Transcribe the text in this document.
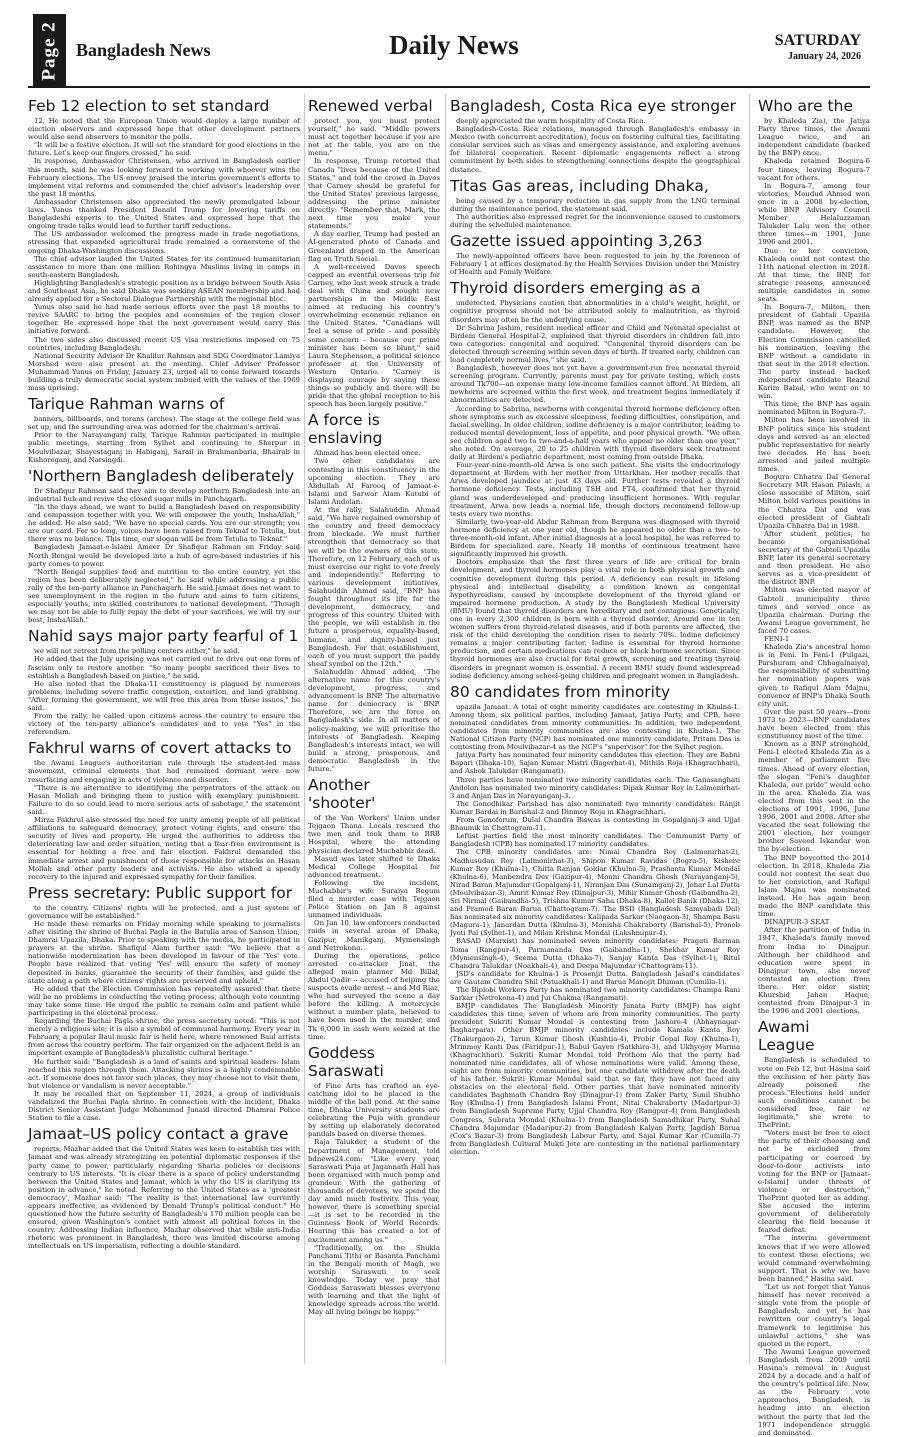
Page 2 Bangladesh News	Daily News	SATURDAY
January 24, 2026
Feb 12 election to set standard

12. He noted that the European Union would deploy a large number of election observers and expressed hope that other development partners would also send observers to monitor the polls.

"It will be a festive election. It will set the standard for good elections in the future. Let's keep our fingers crossed," he said.

In response, Ambassador Christensen, who arrived in Bangladesh earlier this month, said he was looking forward to working with whoever wins the February elections. The US envoy praised the interim government's efforts to implement vital reforms and commended the chief advisor's leadership over the past 18 months.

Ambassador Christensen also appreciated the newly promulgated labour laws. Yunus thanked President Donald Trump for lowering tariffs on Bangladeshi exports to the United States and expressed hope that the ongoing trade talks would lead to further tariff reductions.

The US ambassador welcomed the progress made in trade negotiations, stressing that expanded agricultural trade remained a cornerstone of the ongoing Dhaka-Washington discussions.

The chief advisor lauded the United States for its continued humanitarian assistance to more than one million Rohingya Muslims living in camps in south-eastern Bangladesh.

Highlighting Bangladesh's strategic position as a bridge between South Asia and Southeast Asia, he said Dhaka was seeking ASEAN membership and had already applied for a Sectoral Dialogue Partnership with the regional bloc.

Yunus also said he had made serious efforts over the past 18 months to revive SAARC to bring the peoples and economies of the region closer together. He expressed hope that the next government would carry this initiative forward.

The two sides also discussed recent US visa restrictions imposed on 75 countries, including Bangladesh.

National Security Advisor Dr Khalilur Rahman and SDG Coordinator Lamiya Morshed were also present at the meeting. Chief Adviser Professor Muhammad Yunus on Friday, January 23, urged all to come forward towards building a truly democratic social system imbued with the values of the 1969 mass uprising.

Tarique Rahman warns of

banners, billboards, and torans (arches). The stage at the college field was set up, and the surrounding area was adorned for the chairman's arrival.

Prior to the Narayanganj rally, Tarique Rahman participated in multiple public meetings, starting from Sylhet and continuing to Sherpur in Moulvibazar, Shayestaganj in Habiganj, Sarail in Brahmanbaria, Bhairab in Kishoreganj, and Narsingdi.

'Northern Bangladesh deliberately

Dr Shafiqur Rahman said they aim to develop northern Bangladesh into an industrial hub and revive the closed sugar mills in Panchagarh.

"In the days ahead, we want to build a Bangladesh based on responsibility and compassion together with you. We will empower the youth, InshaAllah," he added. He also said, "We have no special cards. You are our strength; you are our card. For so long, voices have been raised from Teknaf to Tetulia, but there was no balance. This time, our slogan will be from Tetulia to Teknaf."

Bangladesh Jamaat-e-Islami Ameer Dr Shafiqur Rahman on Friday said North Bengal would be developed into a hub of agro-based industries if his party comes to power.

"North Bengal supplies food and nutrition to the entire country, yet the region has been deliberately neglected," he said while addressing a public rally of the ten-party alliance in Panchagarh. He said Jamaat does not want to see unemployment in the region in the future and aims to turn citizens, especially youths, into skilled contributors to national development. "Though we may not be able to fully repay the debt of your sacrifices, we will try our best, InshaAllah."

Nahid says major party fearful of 1

we will not retreat from the polling centers either," he said.

He added that the July uprising was not carried out to drive out one form of fascism only to restore another. "So many people sacrificed their lives to establish a Bangladesh based on justice," he said.

He also noted that the Dhaka-11 constituency is plagued by numerous problems, including severe traffic congestion, extortion, and land grabbing. "After forming the government, we will free this area from these issues," he said.

From the rally, he called upon citizens across the country to ensure the victory of the ten-party alliance's candidates and to vote "Yes" in the referendum.

Fakhrul warns of covert attacks to

the Awami League's authoritarian rule through the student-led mass movement, criminal elements that had remained dormant were now resurfacing and engaging in acts of violence and disorder.

"There is no alternative to identifying the perpetrators of the attack on Hasan Mollah and bringing them to justice with exemplary punishment. Failure to do so could lead to more serious acts of sabotage," the statement said.

Mirza Fakhrul also stressed the need for unity among people of all political affiliations to safeguard democracy, protect voting rights, and ensure the security of lives and property. He urged the authorities to address the deteriorating law and order situation, noting that a fear-free environment is essential for holding a free and fair election. Fakhrul demanded the immediate arrest and punishment of those responsible for attacks on Hasan Mollah and other party leaders and activists. He also wished a speedy recovery to the injured and expressed sympathy for their families.

Press secretary: Public support for

to the country. Citizens' rights will be protected, and a just system of governance will be established."

He made these remarks on Friday morning while speaking to journalists after visiting the shrine of Buchai Pagla in the Batulia area of Sanson Union, Dhamrai Upazila, Dhaka. Prior to speaking with the media, he participated in prayers at the shrine. Shafiqul Alam further said: "We believe that a nationwide modernization has been developed in favour of the 'Yes' vote. People have realized that voting 'Yes' will ensure the safety of money deposited in banks, guarantee the security of their families, and guide the state along a path where citizens' rights are preserved and upheld."

He added that the Election Commission has repeatedly assured that there will be no problems in conducting the voting process, although vote counting may take some time. He urged the public to remain calm and patient while participating in the electoral process.

Regarding the Buchai Pagla shrine, the press secretary noted: "This is not merely a religious site; it is also a symbol of communal harmony. Every year in February, a popular Baul music fair is held here, where renowned Baul artists from across the country perform. The fair organized on the adjacent field is an important example of Bangladesh's pluralistic cultural heritage."

He further said: "Bangladesh is a land of saints and spiritual leaders. Islam reached this region through them. Attacking shrines is a highly condemnable act. If someone does not favor such places, they may choose not to visit them, but violence or vandalism is never acceptable."

It may be recalled that on September 11, 2024, a group of individuals vandalized the Buchai Pagla shrine. In connection with the incident, Dhaka District Senior Assistant Judge Mohammad Junaid directed Dhamrai Police Station to file a case.

Jamaat–US policy contact a grave

reports, Mazhar added that the United States was keen to establish ties with Jamaat and was already strategizing on potential diplomatic responses if the party came to power, particularly regarding Sharia policies or decisions contrary to US interests. "It is clear there is a space of policy understanding between the United States and Jamaat, which is why the US is clarifying its position in advance," he noted. Referring to the United States as a 'greatest democracy', Mazhar said: "The reality is that international law currently appears ineffective, as evidenced by Donald Trump's political conduct." He questioned how the future security of Bangladesh's 170 million people can be ensured, given Washington's contact with almost all political forces in the country. Addressing Indian influence, Mazhar observed that while anti-India rhetoric was prominent in Bangladesh, there was limited discourse among intellectuals on US imperialism, reflecting a double standard.

Renewed verbal

protect you, you must protect yourself," he said. "Middle powers must act together because if you are not at the table, you are on the menu."

In response, Trump retorted that Canada "lives because of the United States," and told the crowd in Davos that Carney should be grateful for the United States' previous largesse, addressing the prime minister directly: "Remember that, Mark, the next time you make your statements."

A day earlier, Trump had posted an AI-generated photo of Canada and Greenland draped in the American flag on Truth Social.

A well-received Davos speech capped an eventful overseas trip for Carney, who last week struck a trade deal with China and sought new partnerships in the Middle East aimed at reducing his country's overwhelming economic reliance on the United States. "Canadians will feel a sense of pride - and possibly some concern - because our prime minister has been so blunt," said Laura Stephenson, a political science professor at the University of Western Ontario. "Carney is displaying courage by saying these things so publicly and there will be pride that the global reception to his speech has been largely positive."

A force is enslaving

Ahmad has been elected once.

Two other candidates are contesting in this constituency in the upcoming election. They are Abdullah Al Farooq of Jamaat-e-Islami and Sarwar Alam Kutubi of Islami Andolan.

At the rally, Salahuddin Ahmad said, "We have regained ownership of the country and freed democracy from blockade. We must further strengthen that democracy so that we will be the owners of this state. Therefore, on 12 February, each of us must exercise our right to vote freely and independently." Referring to various development initiatives, Salahuddin Ahmad said, "BNP has fought throughout its life for the development, democracy, and progress of this country. United with the people, we will establish in the future a prosperous, equality-based, humane, and dignity-based just Bangladesh. For that establishment, each of you must support the paddy sheaf symbol on the 12th."

Salahuddin Ahmad added, "The alternative name for this country's development, progress, and advancement is BNP. The alternative name for democracy is BNP. Therefore, we are the force on Bangladesh's side. In all matters of policy-making, we will prioritise the interests of Bangladesh. Keeping Bangladesh's interests intact, we will build a strong, prosperous, and democratic Bangladesh in the future."

Another 'shooter'

of the Van Workers' Union under Tejgaon Thana. Locals rescued the two men and took them to BRB Hospital, where the attending physician declared Muchabbir dead.

Masud was later shifted to Dhaka Medical College Hospital for advanced treatment.

Following the incident, Muchabbir's wife Suraiya Begum filed a murder case with Tejgaon Police Station on Jan 8 against unnamed individuals.

On Jan 10, law enforcers conducted raids in several areas of Dhaka, Gazipur, Manikganj, Mymensingh and Netrokona.

During the operations, police arrested co-attacker Jinat, the alleged main planner Md Billal, Abdul Qadir -- accused of helping the suspects evade arrest -- and Md Riaz, who had surveyed the scene a day before the killing. A motorcycle without a number plate, believed to have been used in the murder, and Tk 6,000 in cash were seized at the time.

Goddess Saraswati

of Fine Arts has crafted an eye-catching idol to be placed in the middle of the ball pond. At the same time, Dhaka University students are celebrating the Puja with grandeur by setting up elaborately decorated pandals based on diverse themes.

Raja Talukder, a student of the Department of Management, told bdnews24.com: "Like every year, Saraswati Puja at Jagannath Hall has been organised with much pomp and grandeur. With the gathering of thousands of devotees, we spend the day amid much festivity. This year, however, there is something special—it is set to be recorded in the Guinness Book of World Records. Hearing this has created a lot of excitement among us."

"Traditionally, on the Shukla Panchami Tithi or Basanta Panchami in the Bengali month of Magh, we worship Saraswati to seek knowledge. Today we pray that Goddess Saraswati blesses everyone with learning and that the light of knowledge spreads across the world. May all living beings be happy."

Bangladesh, Costa Rica eye stronger

deeply appreciated the warm hospitality of Costa Rica.

Bangladesh-Costa Rica relations, managed through Bangladesh's embassy in Mexico (with concurrent accreditation), focus on fostering cultural ties, facilitating consular services such as visas and emergency assistance, and exploring avenues for bilateral cooperation. Recent diplomatic engagements reflect a strong commitment by both sides to strengthening connections despite the geographical distance.

Titas Gas areas, including Dhaka,

being caused by a temporary reduction in gas supply from the LNG terminal during the maintenance period, the statement said.

The authorities also expressed regret for the inconvenience caused to customers during the scheduled maintenance.

Gazette issued appointing 3,263

The newly-appointed officers have been requested to join by the forenoon of February 1 at offices designated by the Health Services Division under the Ministry of Health and Family Welfare.

Thyroid disorders emerging as a

undetected. Physicians caution that abnormalities in a child's weight, height, or cognitive progress should not be attributed solely to malnutrition, as thyroid disorders may often be the underlying cause.

Dr Sabrina Jashim, resident medical officer and Child and Neonatal specialist at Birdem General Hospital-2, explained that thyroid disorders in children fall into two categories: congenital and acquired. "Congenital thyroid disorders can be detected through screening within seven days of birth. If treated early, children can lead completely normal lives," she said.

Bangladesh, however does not yet have a government-run free neonatal thyroid screening program. Currently, parents must pay for private testing, which costs around Tk700—an expense many low-income families cannot afford. At Birdem, all newborns are screened within the first week, and treatment begins immediately if abnormalities are detected.

According to Sabrina, newborns with congenital thyroid hormone deficiency often show symptoms such as excessive sleepiness, feeding difficulties, constipation, and facial swelling. In older children, iodine deficiency is a major contributor, leading to reduced mental development, loss of appetite, and poor physical growth. "We often see children aged two to two-and-a-half years who appear no older than one year," she noted. On average, 20 to 25 children with thyroid disorders seek treatment daily at Birdem's pediatric department, most coming from outside Dhaka.

Four-year-nine-month-old Arwa is one such patient. She visits the endocrinology department at Birdem with her mother from Uttarkhan. Her mother recalls that Arwa developed jaundice at just 43 days old. Further tests revealed a thyroid hormone deficiency. Tests, including TSH and FT4, confirmed that her thyroid gland was underdeveloped and producing insufficient hormones. With regular treatment, Arwa now leads a normal life, though doctors recommend follow-up tests every two months.

Similarly, two-year-old Abdur Rahman from Barguna was diagnosed with thyroid hormone deficiency at one year old, though he appeared no older than a two- to three-month-old infant. After initial diagnosis at a local hospital, he was referred to Birdem for specialized care. Nearly 18 months of continuous treatment have significantly improved his growth.

Doctors emphasize that the first three years of life are critical for brain development, and thyroid hormones play a vital role in both physical growth and cognitive development during this period. A deficiency can result in lifelong physical and intellectual disability, a condition known as congenital hypothyroidism, caused by incomplete development of the thyroid gland or impaired hormone production. A study by the Bangladesh Medical University (BMU) found that thyroid disorders are hereditary and not contagious. Genetically, one in every 2,300 children is born with a thyroid disorder. Around one in ten women suffers from thyroid-related diseases, and if both parents are affected, the risk of the child developing the condition rises to nearly 70%. Iodine deficiency remains a major contributing factor. Iodine is essential for thyroid hormone production, and certain medications can reduce or block hormone secretion. Since thyroid hormones are also crucial for fetal growth, screening and treating thyroid disorders in pregnant women is essential. A recent BMU study found widespread iodine deficiency among school-going children and pregnant women in Bangladesh.

80 candidates from minority

upazila Jamaat. A total of eight minority candidates are contesting in Khulna-1. Among them, six political parties, including Jamaat, Jatiya Party, and CPB, have nominated candidates from minority communities. In addition, two independent candidates from minority communities are also contesting in Khulna-1. The National Citizen Party (NCP) has nominated one minority candidate, Pritam Das is contesting from Moulvibazar-4 as the NCP's "supervisor" for the Sylhet region.

Jatiya Party has nominated four minority candidates this election. They are Babni Bapari (Dhaka-10), Sajan Kumar Mistri (Bagerhat-4), Mithila Roja (Khagrachhari), and Ashok Talukdar (Rangamati).

Three parties have nominated two minority candidates each. The Ganasanghati Andolon has nominated two minority candidates: Dipak Kumar Roy in Lalmonirhat-3 and Anjan Das in Narayanganj-3.

The Gonodhikar Parishad has also nominated two minority candidates: Ranjit Kumar Bardai in Barishal-2 and Dinmoy Roja in Khagrachhari.

From Gonoforum, Dulal Chandra Biswas is contesting in Gopalganj-3 and Ujjal Bhaumik in Chattogram-11.

Leftist parties field the most minority candidates. The Communist Party of Bangladesh (CPB) has nominated 17 minority candidates.

The CPB minority candidates are: Nimai Chandra Roy (Lalmonirhat-2), Madhusudan Roy (Lalmonirhat-3), Shipon Kumar Ravidas (Bogra-5), Kishore Kumar Roy (Khulna-1), Chitta Ranjan Goldar (Khulna-5), Prashanta Kumar Mondal (Khulna-6), Manbendra Dev (Gazipur-4), Monni Chandra Ghosh (Narayanganj-5), Nirad Baran Majumdar (Gopalganj-1), Niranjan Das (Sunamganj-2), Johar Lal Dutta (Moulvibazar-3), Amrit Kumar Roy (Dinajpur-3), Mihir Kumar Ghosh (Gaibandha-2), Sri Nirmal (Gaibandha-5), Trishna Kumar Saha (Dhaka-8), Kallol Banik (Dhaka-12), and Pramod Baran Barua (Chattogram-7). The BSD (Bangladesh Samyabadi Dal) has nominated six minority candidates: Kalipada Sarkar (Naogaon-3), Shampa Basu (Magura-1), Janardan Dutta (Khulna-3), Monisha Chakraborty (Barishal-5), Pronob Jyoti Pal (Sylhet-1), and Milan Krishna Mondal (Lakshmipur-4).

BASAD (Marxist) has nominated seven minority candidates: Pragati Barman Toma (Rangpur-4), Parmananda Das (Gaibandha-1), Shekhar Kumar Roy (Mymensingh-4), Seema Dutta (Dhaka-7), Sanjay Kanta Das (Sylhet-1), Ritul Chandra Talukdar (Noakhali-4), and Deepa Majumdar (Chattogram-11).

JSD's candidate for Khulna-1 is Prosenjit Dutta. Bangladesh Jasad's candidates are Gautam Chandra Shil (Patuakhali-1) and Barua Manojit Dhiman (Cumilla-1).

The Biplobi Workers Party has nominated two minority candidates: Champa Rani Sarkar (Netrokona-4) and Jui Chakma (Rangamati).

BMJP candidates The Bangladesh Minority Janata Party (BMJP) has eight candidates this time, seven of whom are from minority communities. The party president Sukriti Kumar Mondal is contesting from Jashore-4 (Abhaynagar-Bagharpara). Other BMJP minority candidates include Kamala Kanta Roy (Thakurgaon-2), Tarun Kumar Ghosh (Kushtia-4), Probir Gopal Roy (Khulna-1), Mrinmoy Kanti Das (Faridpur-1), Babul Gayen (Satkhira-3), and Ukhyojoy Marma (Khagrachhari). Sukriti Kumar Mondal told Prothom Alo that the party had nominated nine candidates, all of whose nominations were valid. Among these, eight are from minority communities, but one candidate withdrew after the death of his father. Sukriti Kumar Mondal said that so far, they have not faced any obstacles on the electoral field. Other parties that have nominated minority candidates Baghmath Chandra Roy (Dinajpur-1) from Zaker Party, Sunil Shubho Roy (Khulna-1) from Bangladesh Islami Front, Nitai Chakraborty (Madaripur-3) from Bangladesh Supreme Party, Ujjal Chandra Roy (Rangpur-4) from Bangladesh Congress, Subrata Mondal (Khulna-1) from Bangladesh Samadhikar Party, Suhal Chandra Majumdar (Madaripur-2) from Bangladesh Kalyan Party, Jagdish Barua (Cox's Bazar-3) from Bangladesh Labour Party, and Sajal Kumar Kar (Cumilla-7) from Bangladesh Cultural Mukti Jote are contesting in the national parliamentary election.

Who are the

by Khaleda Zia), the Jatiya Party three times, the Awami League twice, and an independent candidate (backed by the BNP) once.

Khaleda retained Bogura-6 four times, leaving Bogura-7 vacant for others.

In Bogura-7, among four victories, Moudud Ahmed won once in a 2008 by-election, while BNP Advisory Council Member Helaluzzaman Talukder Lalu won the other three times—in 1991, June 1996 and 2001.

Due to her conviction, Khaleda could not contest the 11th national election in 2018. At that time, the BNP, for strategic reasons, announced multiple candidates in some seats.

In Bogura-7, Milton, then president of Gabtali Upazila BNP, was named as the BNP candidate. However, the Election Commission cancelled his nomination, leaving the BNP without a candidate in that seat in the 2018 election. The party instead backed independent candidate Reazul Karim Babul, who went on to win.

This time, the BNP has again nominated Milton in Bogura-7.

Milton has been involved in BNP politics since his student days and served as an elected public representative for nearly two decades. He has been arrested and jailed multiple times.

Bogura Chhatra Dal General Secretary MR Hasan Palash, a close associate of Milton, said Milton held various positions in the Chhatra Dal and was elected president of Gabtali Upazila Chhatra Dal in 1988.

After student politics, he became organisational secretary of the Gabtoli Upazila BNP, later its general secretary and then president. He also serves as a vice-president of the district BNP.

Milton was elected mayor of Gabtoli municipality three times and served once as Upazila chairman. During the Awami League government, he faced 70 cases.

FENI-1

Khaleda Zia's ancestral home is in Feni. In Feni-1 (Fulgazi, Parshuram and Chhagalnaiya), the responsibility of submitting her nomination papers was given to Rafiqul Alam Majnu, convenor of BNP's Dhaka South city unit.

Over the past 50 years—from 1973 to 2023—BNP candidates have been elected from this constituency most of the time.

Known as a BNP stronghold, Feni-1 elected Khaleda Zia as a member of parliament five times. Ahead of every election, the slogan "Feni's daughter Khaleda, our pride" would echo in the area. Khaleda Zia was elected from this seat in the elections of 1991, 1996, June 1996, 2001 and 2008. After she vacated the seat following the 2001 election, her younger brother Sayeed Iskandar won the by-election.

The BNP boycotted the 2014 election. In 2018, Khaleda Zia could not contest the seat due to her conviction, and Rafiqul Islam Majnu was nominated instead. He has again been made the BNP candidate this time.

DINAJPUR-3 SEAT

After the partition of India in 1947, Khaleda's family moved from India to Dinajpur. Although her childhood and education were spent in Dinajpur town, she never contested an election from there. Her elder sister, Khurshid Jahan Haque, contested from Dinajpur-3 in the 1996 and 2001 elections.

Awami League

Bangladesh is scheduled to vote on Feb 12, but Hasina said the exclusion of her party has already poisoned the process."Elections held under such conditions cannot be considered free, fair or legitimate," she wrote to ThePrint.

"Voters must be free to elect the party of their choosing and not be excluded from participating or coerced by door-to-door activists into voting for the BNP or [Jamaat-e-Islami] under threats of violence or destruction," ThePrint quoted her as adding. She accused the interim government of deliberately clearing the field because it feared defeat.

"The interim government knows that if we were allowed to contest these elections, we would command overwhelming support. That is why we have been banned," Hasina said.

"Let us not forget that Yunus himself has never received a single vote from the people of Bangladesh, and yet he has rewritten our country's legal framework to legitimise his unlawful actions," she was quoted in the report.

The Awami League governed Bangladesh from 2009 until Hasina's removal in August 2024 by a decade and a half of the country's political life. Now, as the February vote approaches, Bangladesh is heading into an election without the party that led the 1971 independence struggle and dominated.
